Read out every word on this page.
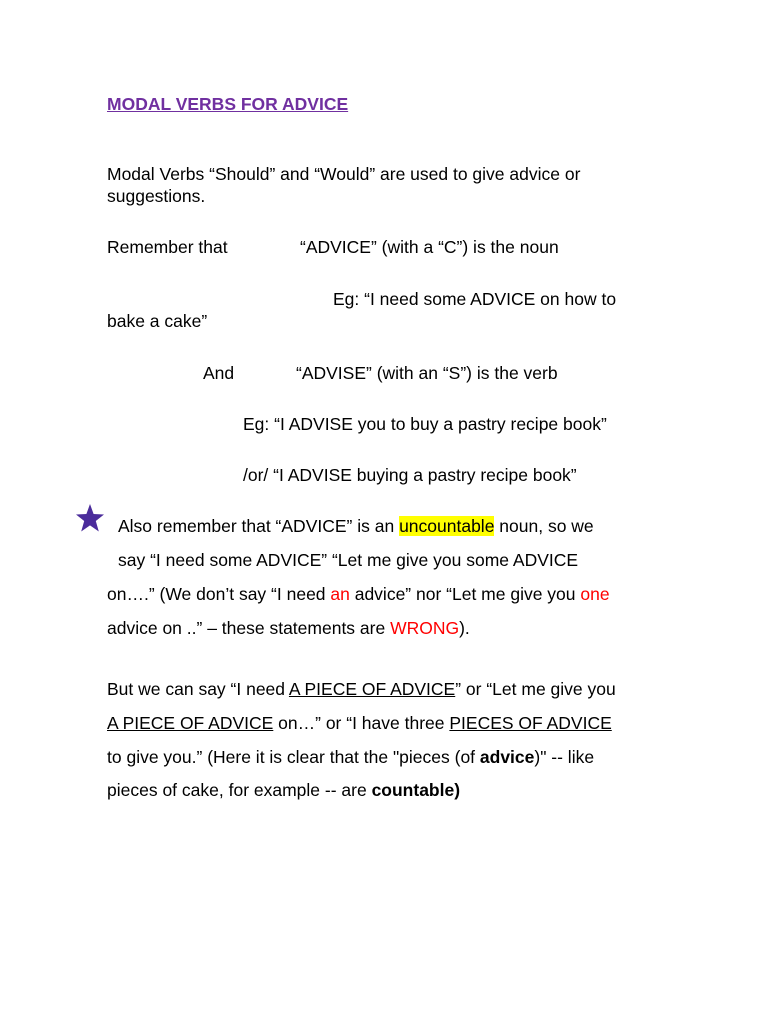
MODAL VERBS FOR ADVICE
Modal Verbs “Should” and “Would” are used to give advice or
suggestions.
Remember that	“ADVICE” (with a “C”) is the noun
Eg: “I need some ADVICE on how to
bake a cake”
And	“ADVISE” (with an “S”) is the verb
Eg: “I ADVISE you to buy a pastry recipe book”
/or/ “I ADVISE buying a pastry recipe book”
Also remember that “ADVICE” is an uncountable noun, so we
say “I need some ADVICE” “Let me give you some ADVICE
on….” (We don’t say “I need an advice” nor “Let me give you one
advice on ..” – these statements are WRONG).
But we can say “I need A PIECE OF ADVICE” or “Let me give you
A PIECE OF ADVICE on…” or “I have three PIECES OF ADVICE
to give you.” (Here it is clear that the "pieces (of advice)" -- like
pieces of cake, for example -- are countable)
